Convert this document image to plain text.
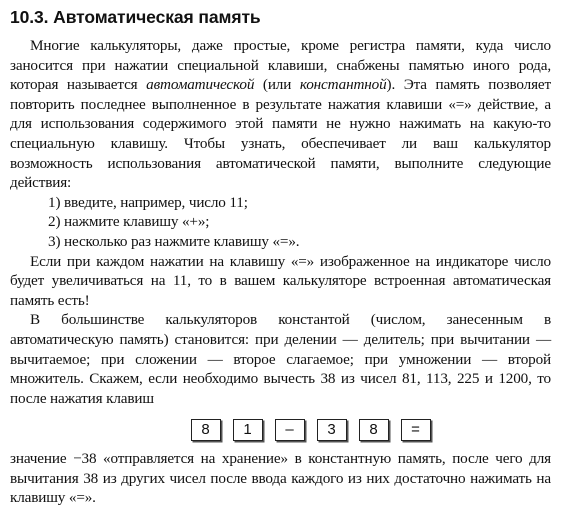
10.3. Автоматическая память

Многие калькуляторы, даже простые, кроме регистра памяти, куда число заносится при нажатии специальной клавиши, снабжены памятью иного рода, которая называется автоматической (или константной). Эта память позволяет повторить последнее выполненное в результате нажатия клавиши «=» действие, а для использования содержимого этой памяти не нужно нажимать на какую-то специальную клавишу. Чтобы узнать, обеспечивает ли ваш калькулятор возможность использования автоматической памяти, выполните следующие действия:

1) введите, например, число 11;

2) нажмите клавишу «+»;

3) несколько раз нажмите клавишу «=».

Если при каждом нажатии на клавишу «=» изображенное на индикаторе число будет увеличиваться на 11, то в вашем калькуляторе встроенная автоматическая память есть!

В большинстве калькуляторов константой (числом, занесенным в автоматическую память) становится: при делении — делитель; при вычитании — вычитаемое; при сложении — второе слагаемое; при умножении — второй множитель. Скажем, если необходимо вычесть 38 из чисел 81, 113, 225 и 1200, то после нажатия клавиш

8	1	–	3	8	=

значение −38 «отправляется на хранение» в константную память, после чего для вычитания 38 из других чисел после ввода каждого из них достаточно нажимать на клавишу «=».
